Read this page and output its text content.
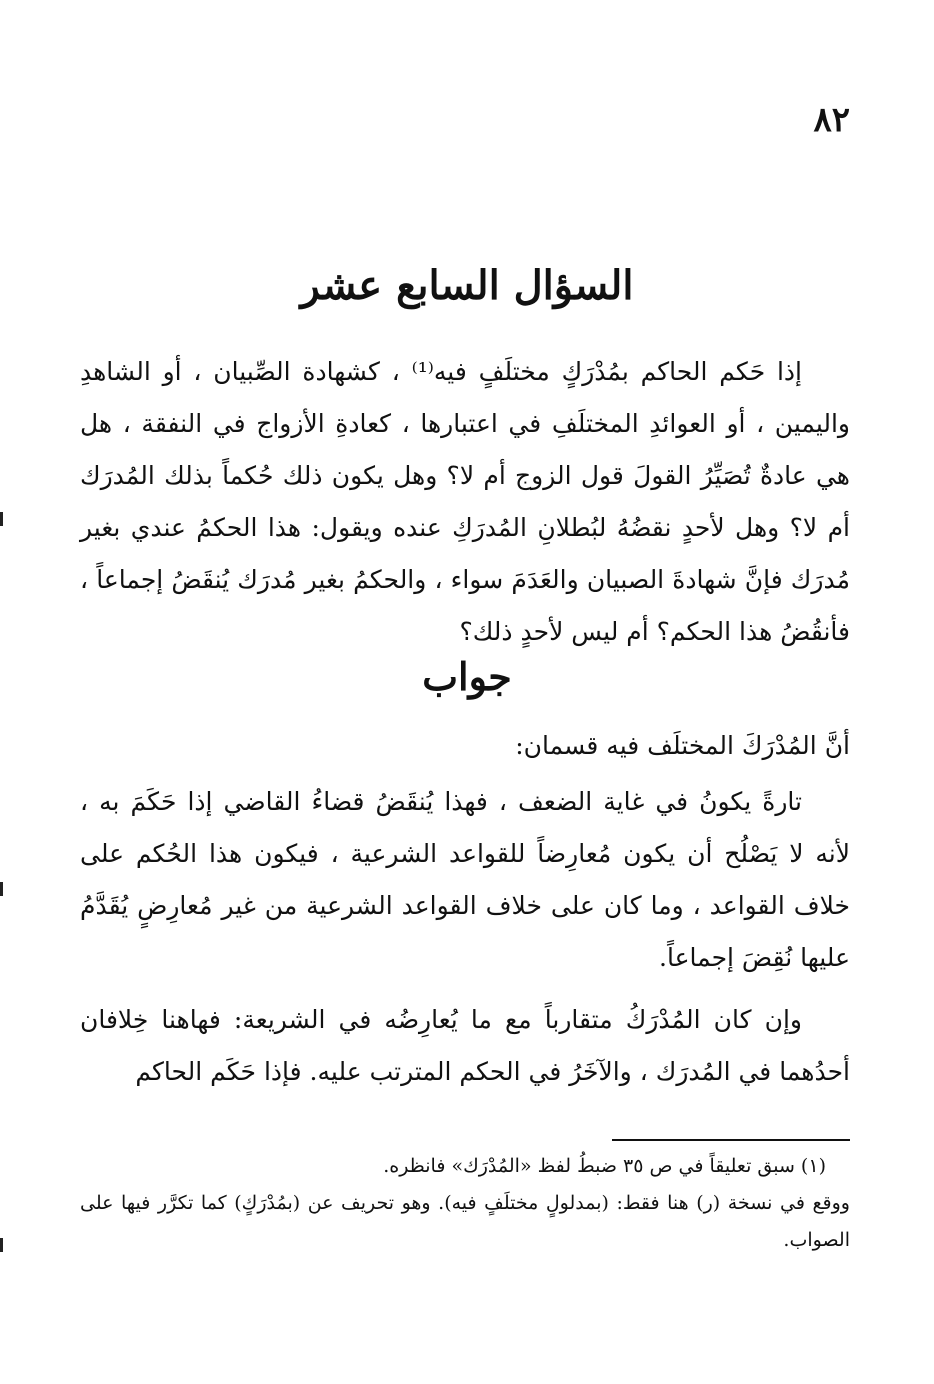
٨٢
السؤال السابع عشر

إذا حَكم الحاكم بمُدْرَكٍ مختلَفٍ فيه⁽¹⁾ ، كشهادة الصِّبيان ، أو الشاهدِ واليمين ، أو العوائدِ المختلَفِ في اعتبارها ، كعادةِ الأزواج في النفقة ، هل هي عادةٌ تُصَيِّرُ القولَ قول الزوج أم لا؟ وهل يكون ذلك حُكماً بذلك المُدرَك أم لا؟ وهل لأحدٍ نقضُهُ لبُطلانِ المُدرَكِ عنده ويقول: هذا الحكمُ عندي بغير مُدرَك فإنَّ شهادةَ الصبيان والعَدَمَ سواء ، والحكمُ بغير مُدرَك يُنقَضُ إجماعاً ، فأنقُضُ هذا الحكم؟ أم ليس لأحدٍ ذلك؟

جواب

أنَّ المُدْرَكَ المختلَف فيه قسمان:

تارةً يكونُ في غاية الضعف ، فهذا يُنقَضُ قضاءُ القاضي إذا حَكَمَ به ، لأنه لا يَصْلُح أن يكون مُعارِضاً للقواعد الشرعية ، فيكون هذا الحُكم على خلاف القواعد ، وما كان على خلاف القواعد الشرعية من غير مُعارِضٍ يُقَدَّمُ عليها نُقِضَ إجماعاً.

وإن كان المُدْرَكُ متقارباً مع ما يُعارِضُه في الشريعة: فهاهنا خِلافان أحدُهما في المُدرَك ، والآخَرُ في الحكم المترتب عليه. فإذا حَكَم الحاكم

(١) سبق تعليقاً في ص ٣٥ ضبطُ لفظ «المُدْرَك» فانظره.

ووقع في نسخة (ر) هنا فقط: (بمدلولٍ مختلَفٍ فيه). وهو تحريف عن (بمُدْرَكٍ) كما تكرَّر فيها على الصواب.
